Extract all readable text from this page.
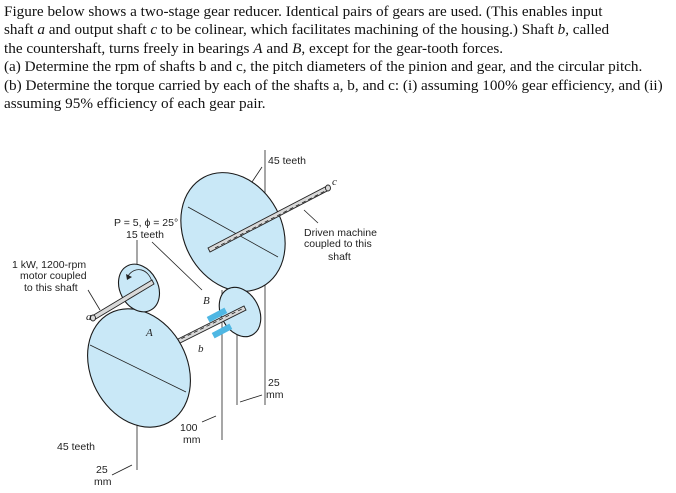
Figure below shows a two-stage gear reducer. Identical pairs of gears are used. (This enables input

shaft a and output shaft c to be colinear, which facilitates machining of the housing.) Shaft b, called

the countershaft, turns freely in bearings A and B, except for the gear-tooth forces.

(a) Determine the rpm of shafts b and c, the pitch diameters of the pinion and gear, and the circular pitch.

(b) Determine the torque carried by each of the shafts a, b, and c: (i) assuming 100% gear efficiency, and (ii) assuming 95% efficiency of each gear pair.

45 teeth
c
P = 5, ϕ = 25°
15 teeth	Driven machine
coupled to this
shaft
1 kW, 1200-rpm
motor coupled
to this shaft
a
A
B
b
25
mm
100
mm
45 teeth
25
mm
